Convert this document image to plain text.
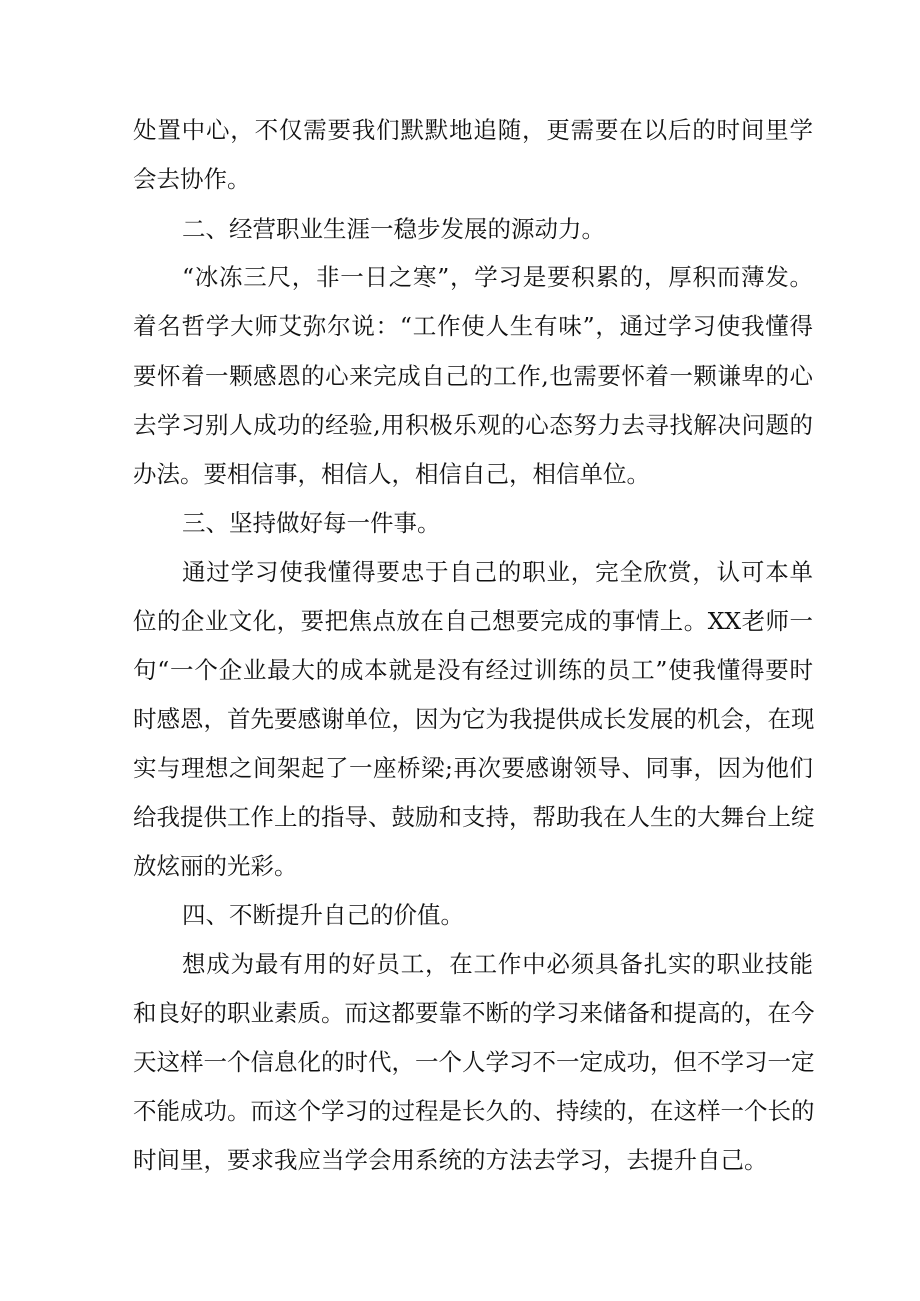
处置中心，不仅需要我们默默地追随，更需要在以后的时间里学
会去协作。
二、经营职业生涯一稳步发展的源动力。
“冰冻三尺，非一日之寒”，学习是要积累的，厚积而薄发。
着名哲学大师艾弥尔说：“工作使人生有味”，通过学习使我懂得
要怀着一颗感恩的心来完成自己的工作,也需要怀着一颗谦卑的心
去学习别人成功的经验,用积极乐观的心态努力去寻找解决问题的
办法。要相信事，相信人，相信自己，相信单位。
三、坚持做好每一件事。
通过学习使我懂得要忠于自己的职业，完全欣赏，认可本单
位的企业文化，要把焦点放在自己想要完成的事情上。XX老师一
句“一个企业最大的成本就是没有经过训练的员工”使我懂得要时
时感恩，首先要感谢单位，因为它为我提供成长发展的机会，在现
实与理想之间架起了一座桥梁;再次要感谢领导、同事，因为他们
给我提供工作上的指导、鼓励和支持，帮助我在人生的大舞台上绽
放炫丽的光彩。
四、不断提升自己的价值。
想成为最有用的好员工，在工作中必须具备扎实的职业技能
和良好的职业素质。而这都要靠不断的学习来储备和提高的，在今
天这样一个信息化的时代，一个人学习不一定成功，但不学习一定
不能成功。而这个学习的过程是长久的、持续的，在这样一个长的
时间里，要求我应当学会用系统的方法去学习，去提升自己。
